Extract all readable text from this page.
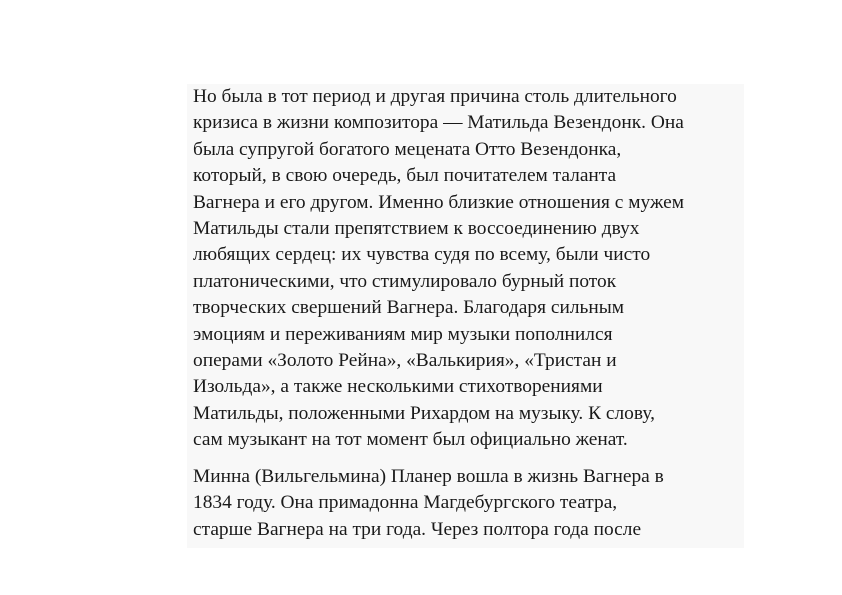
Но была в тот период и другая причина столь длительного
кризиса в жизни композитора — Матильда Везендонк. Она
была супругой богатого мецената Отто Везендонка,
который, в свою очередь, был почитателем таланта
Вагнера и его другом. Именно близкие отношения с мужем
Матильды стали препятствием к воссоединению двух
любящих сердец: их чувства судя по всему, были чисто
платоническими, что стимулировало бурный поток
творческих свершений Вагнера. Благодаря сильным
эмоциям и переживаниям мир музыки пополнился
операми «Золото Рейна», «Валькирия», «Тристан и
Изольда», а также несколькими стихотворениями
Матильды, положенными Рихардом на музыку. К слову,
сам музыкант на тот момент был официально женат.

Минна (Вильгельмина) Планер вошла в жизнь Вагнера в
1834 году. Она примадонна Магдебургского театра,
старше Вагнера на три года. Через полтора года после
